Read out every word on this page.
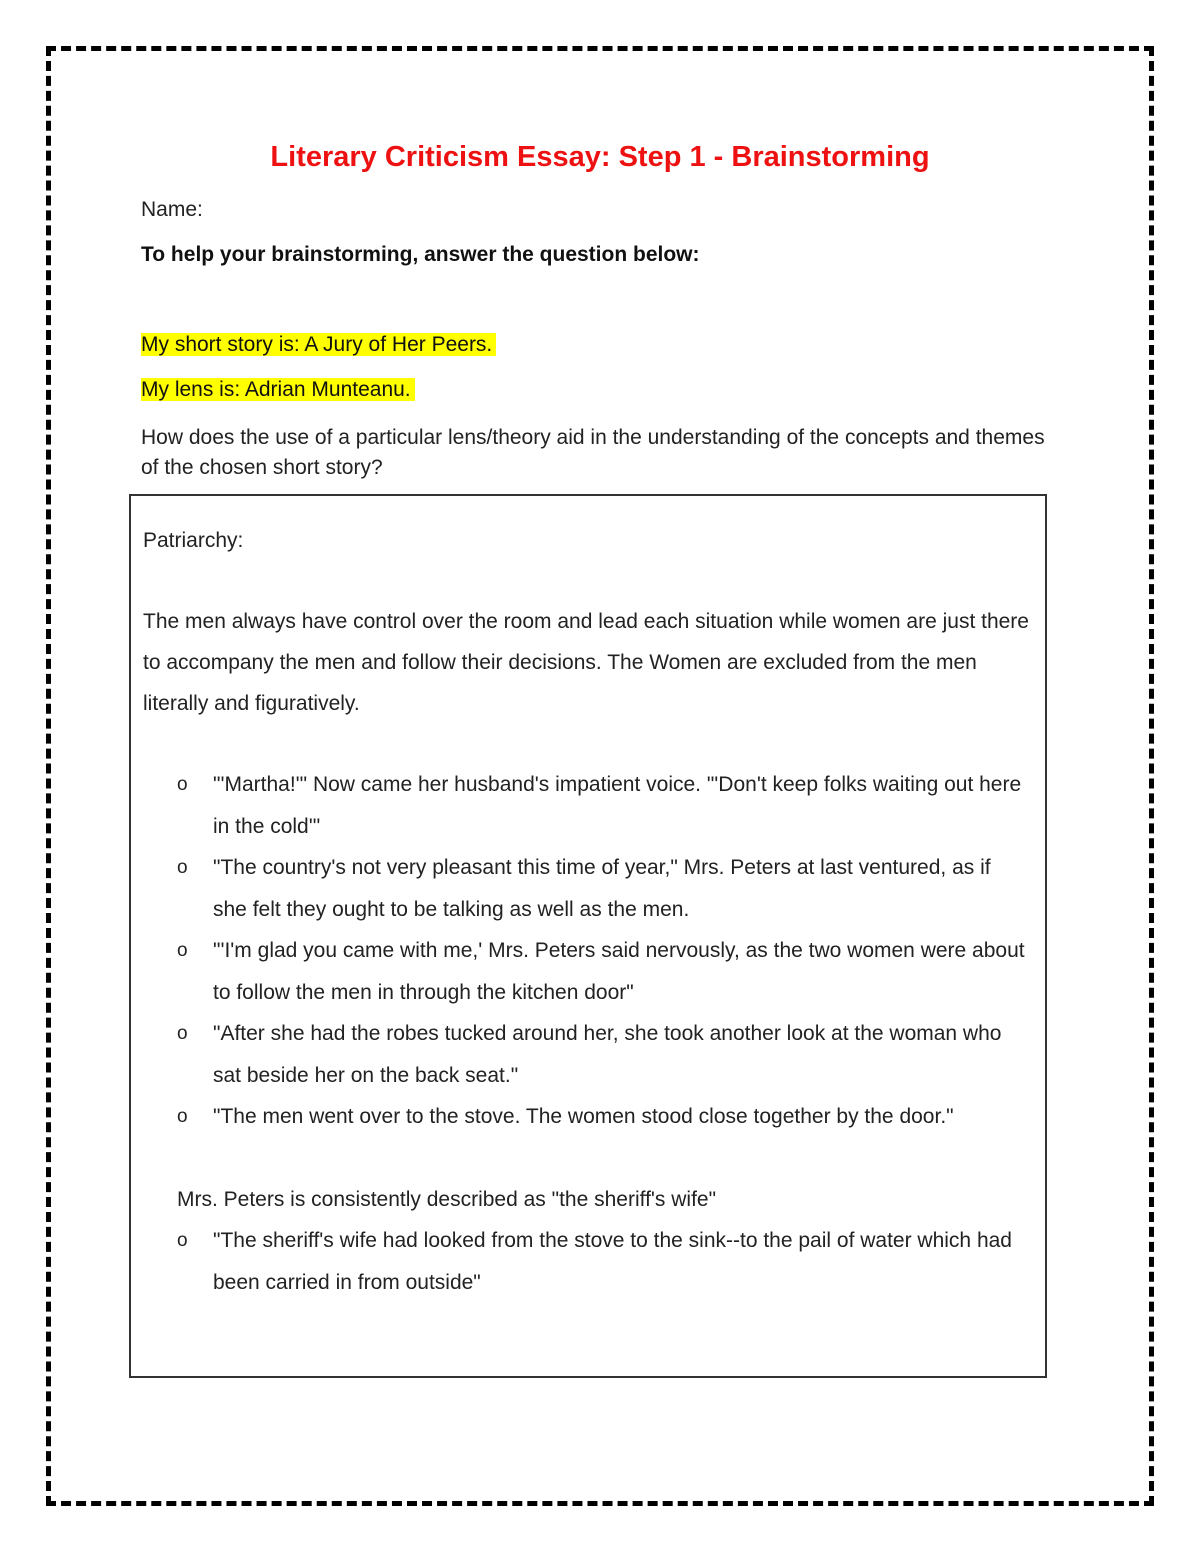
Literary Criticism Essay: Step 1 - Brainstorming
Name:
To help your brainstorming, answer the question below:
My short story is: A Jury of Her Peers.
My lens is: Adrian Munteanu.
How does the use of a particular lens/theory aid in the understanding of the concepts and themes of the chosen short story?
Patriarchy:
The men always have control over the room and lead each situation while women are just there to accompany the men and follow their decisions. The Women are excluded from the men literally and figuratively.
o "'Martha!'" Now came her husband's impatient voice. "'Don't keep folks waiting out here in the cold'"
o "The country's not very pleasant this time of year," Mrs. Peters at last ventured, as if she felt they ought to be talking as well as the men.
o "'I'm glad you came with me,' Mrs. Peters said nervously, as the two women were about to follow the men in through the kitchen door"
o "After she had the robes tucked around her, she took another look at the woman who sat beside her on the back seat."
o "The men went over to the stove. The women stood close together by the door."
Mrs. Peters is consistently described as "the sheriff's wife"
o "The sheriff's wife had looked from the stove to the sink--to the pail of water which had been carried in from outside"
